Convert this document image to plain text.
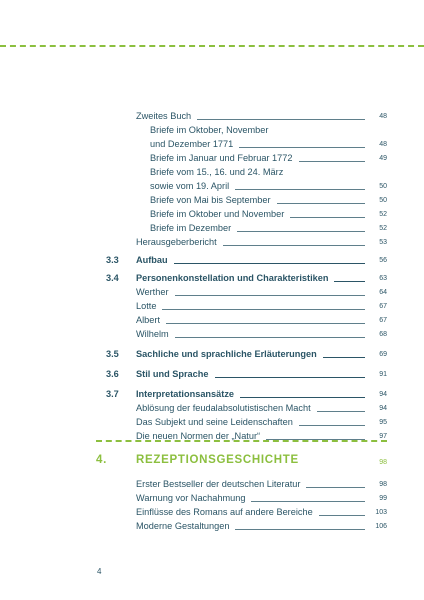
Zweites Buch	48
Briefe im Oktober, November
und Dezember 1771	48
Briefe im Januar und Februar 1772	49
Briefe vom 15., 16. und 24. März
sowie vom 19. April	50
Briefe von Mai bis September	50
Briefe im Oktober und November	52
Briefe im Dezember	52
Herausgeberbericht	53
3.3	Aufbau	56
3.4	Personenkonstellation und Charakteristiken	63
Werther	64
Lotte	67
Albert	67
Wilhelm	68
3.5	Sachliche und sprachliche Erläuterungen	69
3.6	Stil und Sprache	91
3.7	Interpretationsansätze	94
Ablösung der feudalabsolutistischen Macht	94
Das Subjekt und seine Leidenschaften	95
Die neuen Normen der „Natur“	97
4.	REZEPTIONSGESCHICHTE	98
Erster Bestseller der deutschen Literatur	98
Warnung vor Nachahmung	99
Einflüsse des Romans auf andere Bereiche	103
Moderne Gestaltungen	106
4
